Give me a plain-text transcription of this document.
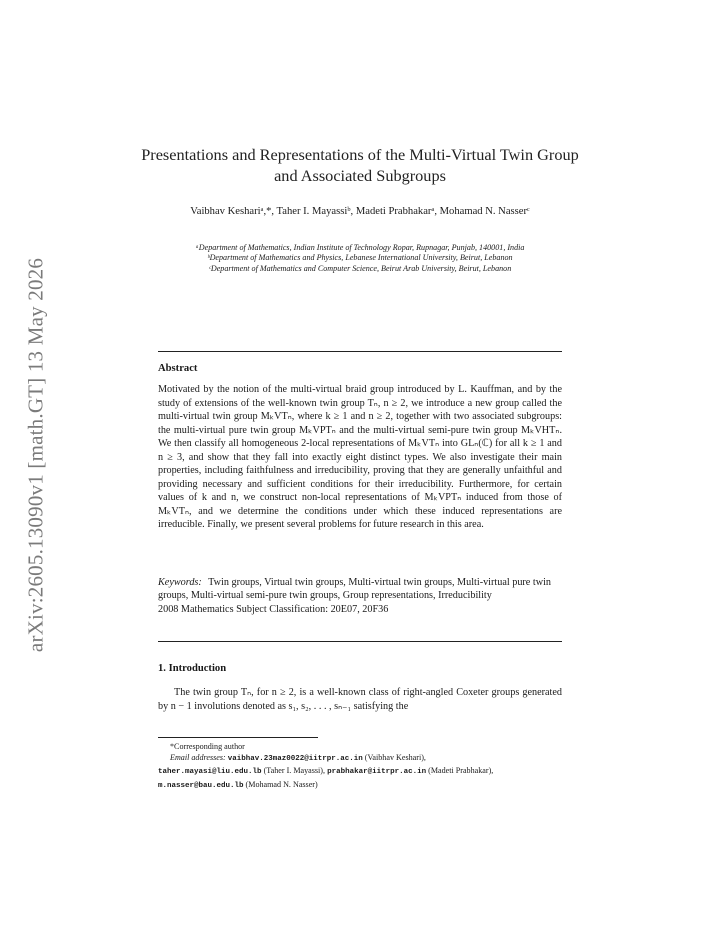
arXiv:2605.13090v1 [math.GT] 13 May 2026
Presentations and Representations of the Multi-Virtual Twin Group and Associated Subgroups
Vaibhav Keshariᵃ,*, Taher I. Mayassiᵇ, Madeti Prabhakarᵃ, Mohamad N. Nasserᶜ
ᵃDepartment of Mathematics, Indian Institute of Technology Ropar, Rupnagar, Punjab, 140001, India
ᵇDepartment of Mathematics and Physics, Lebanese International University, Beirut, Lebanon
ᶜDepartment of Mathematics and Computer Science, Beirut Arab University, Beirut, Lebanon
Abstract
Motivated by the notion of the multi-virtual braid group introduced by L. Kauffman, and by the study of extensions of the well-known twin group Tₙ, n ≥ 2, we introduce a new group called the multi-virtual twin group MₖVTₙ, where k ≥ 1 and n ≥ 2, together with two associated subgroups: the multi-virtual pure twin group MₖVPTₙ and the multi-virtual semi-pure twin group MₖVHTₙ. We then classify all homogeneous 2-local representations of MₖVTₙ into GLₙ(ℂ) for all k ≥ 1 and n ≥ 3, and show that they fall into exactly eight distinct types. We also investigate their main properties, including faithfulness and irreducibility, proving that they are generally unfaithful and providing necessary and sufficient conditions for their irreducibility. Furthermore, for certain values of k and n, we construct non-local representations of MₖVPTₙ induced from those of MₖVTₙ, and we determine the conditions under which these induced representations are irreducible. Finally, we present several problems for future research in this area.
Keywords: Twin groups, Virtual twin groups, Multi-virtual twin groups, Multi-virtual pure twin groups, Multi-virtual semi-pure twin groups, Group representations, Irreducibility
2008 Mathematics Subject Classification: 20E07, 20F36
1. Introduction
The twin group Tₙ, for n ≥ 2, is a well-known class of right-angled Coxeter groups generated by n − 1 involutions denoted as s₁, s₂, . . . , sₙ₋₁ satisfying the
*Corresponding author
Email addresses: vaibhav.23maz0022@iitrpr.ac.in (Vaibhav Keshari),
taher.mayasi@liu.edu.lb (Taher I. Mayassi), prabhakar@iitrpr.ac.in (Madeti Prabhakar), m.nasser@bau.edu.lb (Mohamad N. Nasser)
